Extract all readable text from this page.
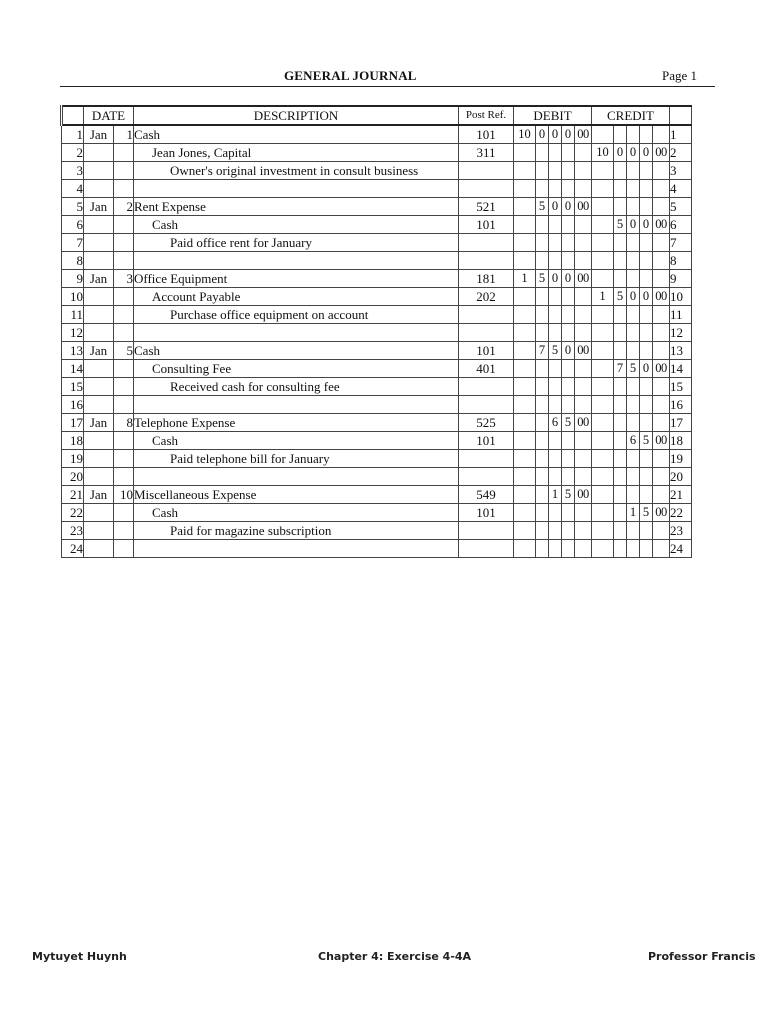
GENERAL JOURNAL	Page 1
	DATE		DESCRIPTION	Post Ref.	DEBIT					CREDIT					
1	Jan	1	Cash	101	10	0	0	0	00						1
2			Jean Jones, Capital	311						10	0	0	0	00	2
3			Owner's original investment in consult business												3
4															4
5	Jan	2	Rent Expense	521		5	0	0	00						5
6			Cash	101							5	0	0	00	6
7			Paid office rent for January												7
8															8
9	Jan	3	Office Equipment	181	1	5	0	0	00						9
10			Account Payable	202						1	5	0	0	00	10
11			Purchase office equipment on account												11
12															12
13	Jan	5	Cash	101		7	5	0	00						13
14			Consulting Fee	401							7	5	0	00	14
15			Received cash for consulting fee												15
16															16
17	Jan	8	Telephone Expense	525			6	5	00						17
18			Cash	101								6	5	00	18
19			Paid telephone bill for January												19
20															20
21	Jan	10	Miscellaneous Expense	549			1	5	00						21
22			Cash	101								1	5	00	22
23			Paid for magazine subscription												23
24															24
Mytuyet Huynh	Chapter 4: Exercise 4-4A	Professor Francis
